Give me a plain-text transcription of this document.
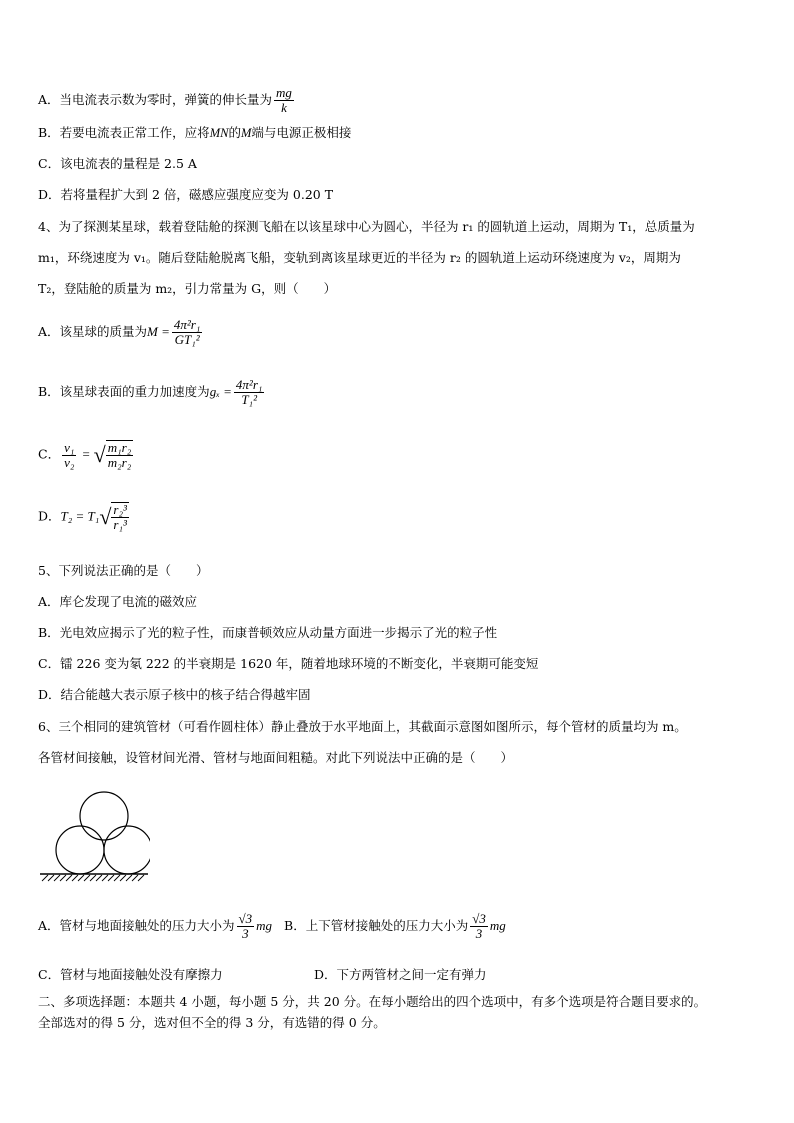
A．当电流表示数为零时，弹簧的伸长量为 $\frac{mg}{k}$
B．若要电流表正常工作，应将MN的M端与电源正极相接
C．该电流表的量程是 2.5 A
D．若将量程扩大到 2 倍，磁感应强度应变为 0.20 T
4、为了探测某星球，载着登陆舱的探测飞船在以该星球中心为圆心，半径为 r₁ 的圆轨道上运动，周期为 T₁，总质量为
m₁，环绕速度为 v₁。随后登陆舱脱离飞船，变轨到离该星球更近的半径为 r₂ 的圆轨道上运动环绕速度为 v₂，周期为
T₂，登陆舱的质量为 m₂，引力常量为 G，则（　　）
A．该星球的质量为$M = \frac{\text{4π²r₁}}{\text{GT₁²}}$
B．该星球表面的重力加速度为$g_x = \frac{\text{4π²r₁}}{\text{T₁²}}$
C． $\frac{\text{v₁}}{\text{v₂}}$ = √ $\frac{\text{m₁r₂}}{\text{m₂r₂}}$
D．$T_2 = T_1√ \frac{\text{r₂³}}{\text{r₁³}}$
5、下列说法正确的是（　　）
A．库仑发现了电流的磁效应
B．光电效应揭示了光的粒子性，而康普顿效应从动量方面进一步揭示了光的粒子性
C．镭 226 变为氡 222 的半衰期是 1620 年，随着地球环境的不断变化，半衰期可能变短
D．结合能越大表示原子核中的核子结合得越牢固
6、三个相同的建筑管材（可看作圆柱体）静止叠放于水平地面上，其截面示意图如图所示，每个管材的质量均为 m。
各管材间接触，设管材间光滑、管材与地面间粗糙。对此下列说法中正确的是（　　）
A．管材与地面接触处的压力大小为 $\frac{√3}{3}$ mg B．上下管材接触处的压力大小为 $\frac{√3}{3}$ mg
C．管材与地面接触处没有摩擦力	D．下方两管材之间一定有弹力
二、多项选择题：本题共 4 小题，每小题 5 分，共 20 分。在每小题给出的四个选项中，有多个选项是符合题目要求的。
全部选对的得 5 分，选对但不全的得 3 分，有选错的得 0 分。
